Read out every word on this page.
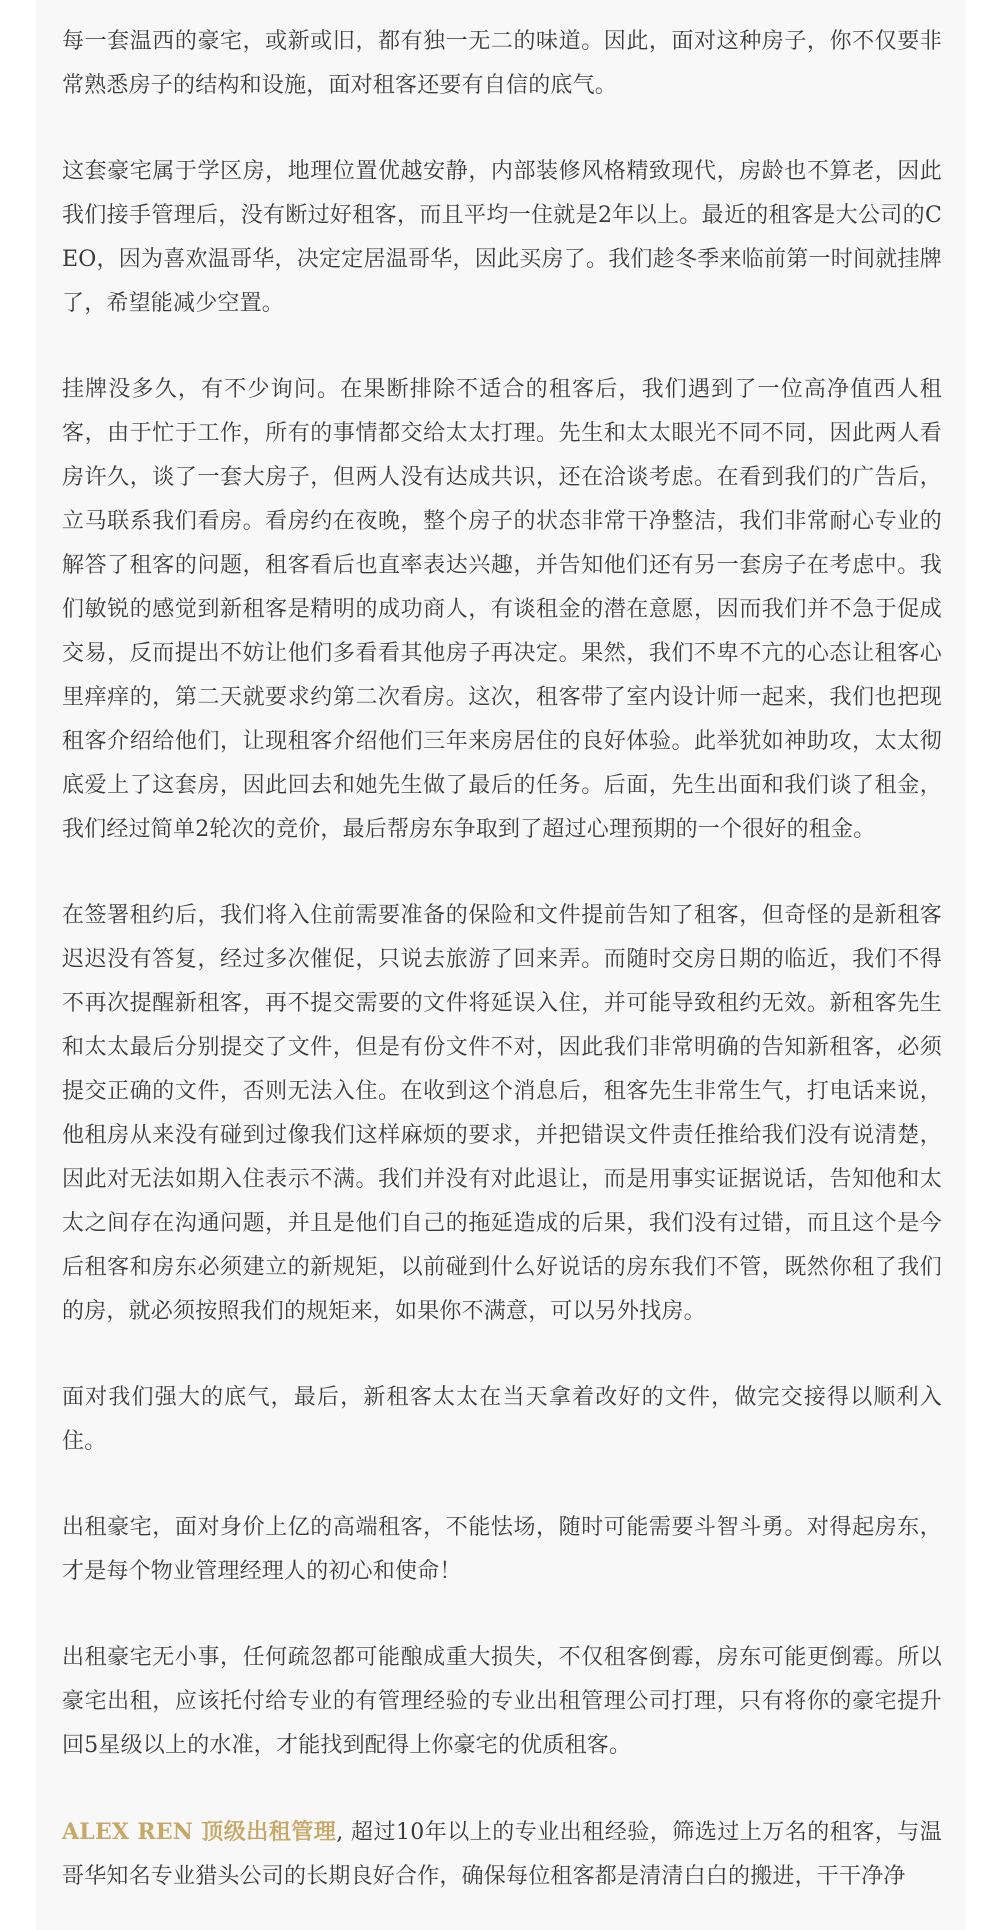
每一套温西的豪宅，或新或旧，都有独一无二的味道。因此，面对这种房子，你不仅要非常熟悉房子的结构和设施，面对租客还要有自信的底气。

这套豪宅属于学区房，地理位置优越安静，内部装修风格精致现代，房龄也不算老，因此我们接手管理后，没有断过好租客，而且平均一住就是2年以上。最近的租客是大公司的CEO，因为喜欢温哥华，决定定居温哥华，因此买房了。我们趁冬季来临前第一时间就挂牌了，希望能减少空置。

挂牌没多久，有不少询问。在果断排除不适合的租客后，我们遇到了一位高净值西人租客，由于忙于工作，所有的事情都交给太太打理。先生和太太眼光不同不同，因此两人看房许久，谈了一套大房子，但两人没有达成共识，还在洽谈考虑。在看到我们的广告后，立马联系我们看房。看房约在夜晚，整个房子的状态非常干净整洁，我们非常耐心专业的解答了租客的问题，租客看后也直率表达兴趣，并告知他们还有另一套房子在考虑中。我们敏锐的感觉到新租客是精明的成功商人，有谈租金的潜在意愿，因而我们并不急于促成交易，反而提出不妨让他们多看看其他房子再决定。果然，我们不卑不亢的心态让租客心里痒痒的，第二天就要求约第二次看房。这次，租客带了室内设计师一起来，我们也把现租客介绍给他们，让现租客介绍他们三年来房居住的良好体验。此举犹如神助攻，太太彻底爱上了这套房，因此回去和她先生做了最后的任务。后面，先生出面和我们谈了租金，我们经过简单2轮次的竞价，最后帮房东争取到了超过心理预期的一个很好的租金。

在签署租约后，我们将入住前需要准备的保险和文件提前告知了租客，但奇怪的是新租客迟迟没有答复，经过多次催促，只说去旅游了回来弄。而随时交房日期的临近，我们不得不再次提醒新租客，再不提交需要的文件将延误入住，并可能导致租约无效。新租客先生和太太最后分别提交了文件，但是有份文件不对，因此我们非常明确的告知新租客，必须提交正确的文件，否则无法入住。在收到这个消息后，租客先生非常生气，打电话来说，他租房从来没有碰到过像我们这样麻烦的要求，并把错误文件责任推给我们没有说清楚，因此对无法如期入住表示不满。我们并没有对此退让，而是用事实证据说话，告知他和太太之间存在沟通问题，并且是他们自己的拖延造成的后果，我们没有过错，而且这个是今后租客和房东必须建立的新规矩，以前碰到什么好说话的房东我们不管，既然你租了我们的房，就必须按照我们的规矩来，如果你不满意，可以另外找房。

面对我们强大的底气，最后，新租客太太在当天拿着改好的文件，做完交接得以顺利入住。

出租豪宅，面对身价上亿的高端租客，不能怯场，随时可能需要斗智斗勇。对得起房东，才是每个物业管理经理人的初心和使命！

出租豪宅无小事，任何疏忽都可能酿成重大损失，不仅租客倒霉，房东可能更倒霉。所以豪宅出租，应该托付给专业的有管理经验的专业出租管理公司打理，只有将你的豪宅提升回5星级以上的水准，才能找到配得上你豪宅的优质租客。

ALEX REN 顶级出租管理, 超过10年以上的专业出租经验，筛选过上万名的租客，与温哥华知名专业猎头公司的长期良好合作，确保每位租客都是清清白白的搬进，干干净净
